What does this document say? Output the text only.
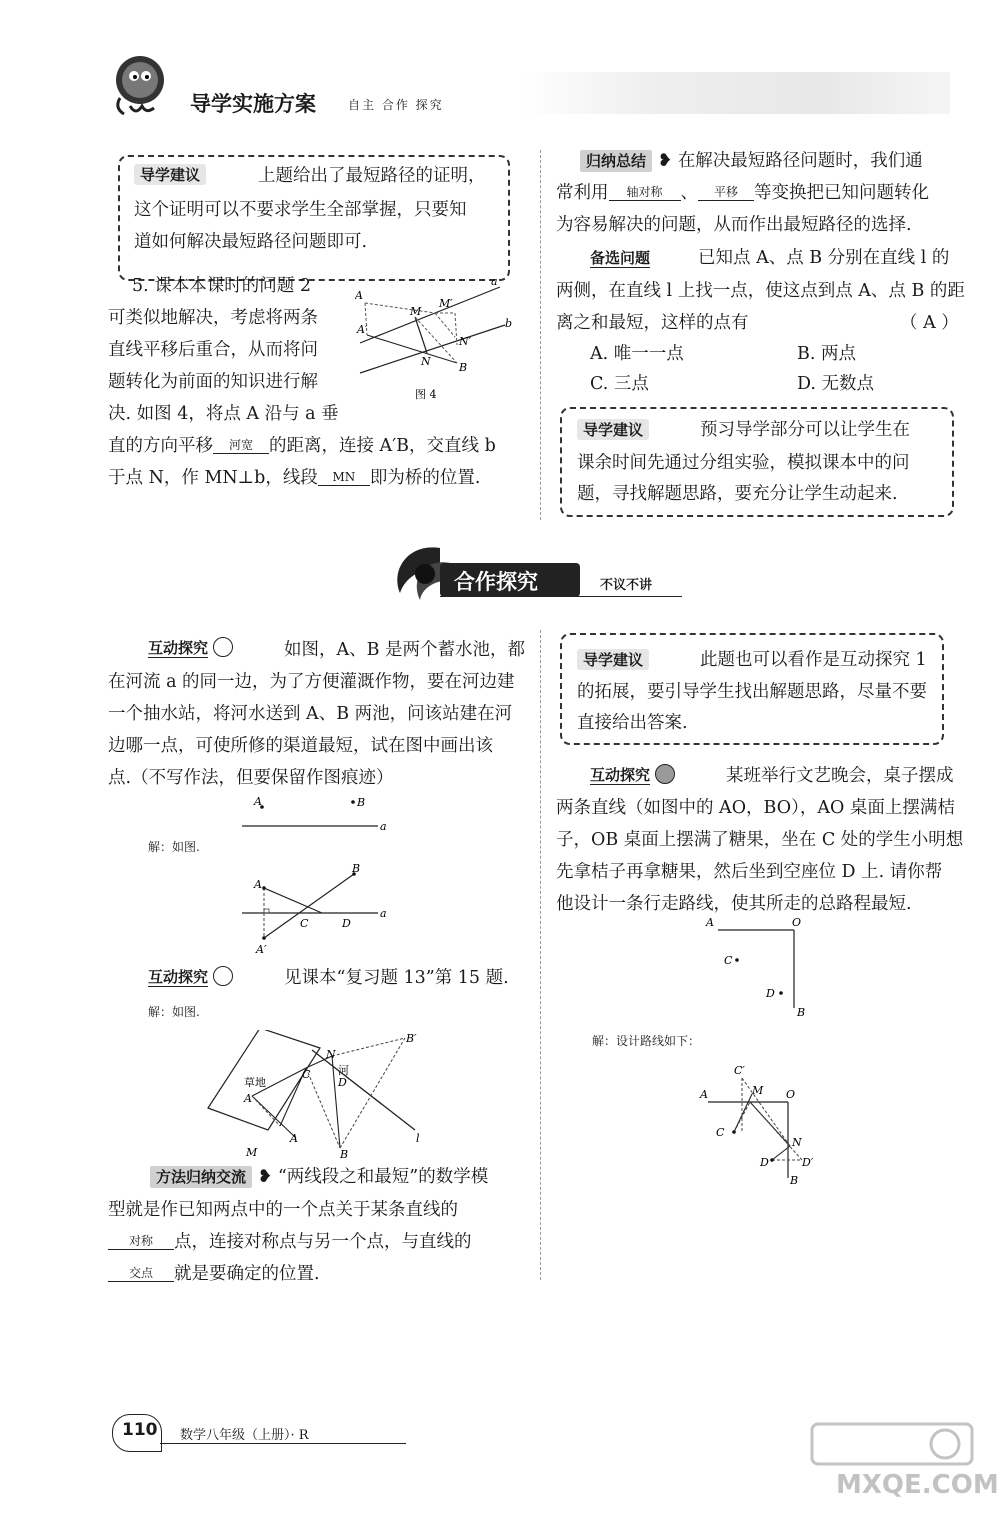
导学实施方案	自主 合作 探究
导学建议	上题给出了最短路径的证明，
这个证明可以不要求学生全部掌握，只要知
道如何解决最短路径问题即可.
5. 课本本课时的问题 2
可类似地解决，考虑将两条
直线平移后重合，从而将问
题转化为前面的知识进行解
决. 如图 4，将点 A 沿与 a 垂
直的方向平移 河宽 的距离，连接 A′B，交直线 b
于点 N，作 MN⊥b，线段 MN 即为桥的位置.
A′
A
M
M′
N
N′
B
a
b
图 4
归纳总结 ❥ 在解决最短路径问题时，我们通
常利用 轴对称 、 平移 等变换把已知问题转化
为容易解决的问题，从而作出最短路径的选择.
备选问题	已知点 A、点 B 分别在直线 l 的
两侧，在直线 l 上找一点，使这点到点 A、点 B 的距
离之和最短，这样的点有	（ A ）
A. 唯一一点	B. 两点
C. 三点	D. 无数点
导学建议	预习导学部分可以让学生在
课余时间先通过分组实验，模拟课本中的问
题，寻找解题思路，要充分让学生动起来.
合作探究	不议不讲
互动探究	如图，A、B 是两个蓄水池，都
在河流 a 的同一边，为了方便灌溉作物，要在河边建
一个抽水站，将河水送到 A、B 两池，问该站建在河
边哪一点，可使所修的渠道最短，试在图中画出该
点.（不写作法，但要保留作图痕迹）
A	B
a
解：如图.
A
A′
B
C	D
a
互动探究	见课本“复习题 13”第 15 题.
解：如图.
草地
A
A
C
N
河
D
B
B′
M
l
方法归纳交流 ❥ “两线段之和最短”的数学模
型就是作已知两点中的一个点关于某条直线的
对称 点，连接对称点与另一个点，与直线的
交点 就是要确定的位置.
导学建议	此题也可以看作是互动探究 1
的拓展，要引导学生找出解题思路，尽量不要
直接给出答案.
互动探究	某班举行文艺晚会，桌子摆成
两条直线（如图中的 AO，BO），AO 桌面上摆满桔
子，OB 桌面上摆满了糖果，坐在 C 处的学生小明想
先拿桔子再拿糖果，然后坐到空座位 D 上. 请你帮
他设计一条行走路线，使其所走的总路程最短.
A	O
C
D
B
解：设计路线如下：
A	O
C′
M
C
N
D	D′
B
110 数学八年级（上册）· R
MXQE.COM
